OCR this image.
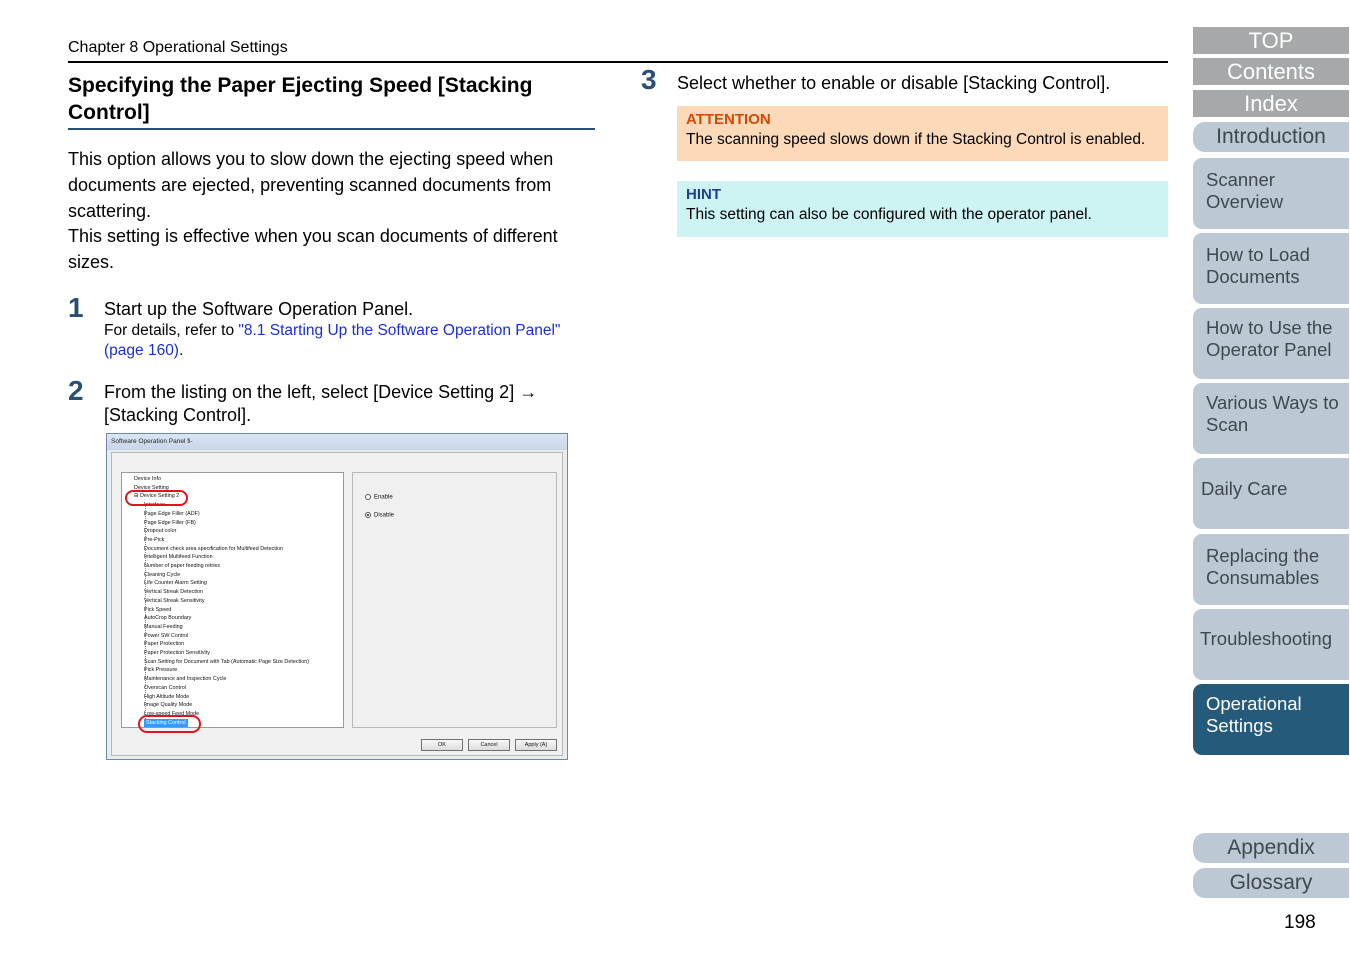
Chapter 8 Operational Settings
Specifying the Paper Ejecting Speed [Stacking Control]
This option allows you to slow down the ejecting speed when documents are ejected, preventing scanned documents from scattering.
This setting is effective when you scan documents of different sizes.
1 Start up the Software Operation Panel.
For details, refer to "8.1 Starting Up the Software Operation Panel" (page 160).
2 From the listing on the left, select [Device Setting 2] → [Stacking Control].
Software Operation Panel fi-
Device Info
Device Setting
⊟ Device Setting 2
Interface
Page Edge Filler (ADF)
Page Edge Filler (FB)
Dropout color
Pre-Pick
Document check area specification for Multifeed Detection
Intelligent Multifeed Function
Number of paper feeding retries
Cleaning Cycle
Life Counter Alarm Setting
Vertical Streak Detection
Vertical Streak Sensitivity
Pick Speed
AutoCrop Boundary
Manual Feeding
Power SW Control
Paper Protection
Paper Protection Sensitivity
Scan Setting for Document with Tab (Automatic Page Size Detection)
Pick Pressure
Maintenance and Inspection Cycle
Overscan Control
High Altitude Mode
Image Quality Mode
Low-speed Feed Mode
Stacking Control
Enable
Disable
OK	Cancel	Apply (A)
3 Select whether to enable or disable [Stacking Control].
ATTENTION
The scanning speed slows down if the Stacking Control is enabled.
HINT
This setting can also be configured with the operator panel.
TOP
Contents
Index
Introduction
Scanner Overview
How to Load Documents
How to Use the Operator Panel
Various Ways to Scan
Daily Care
Replacing the Consumables
Troubleshooting
Operational Settings
Appendix
Glossary
198
